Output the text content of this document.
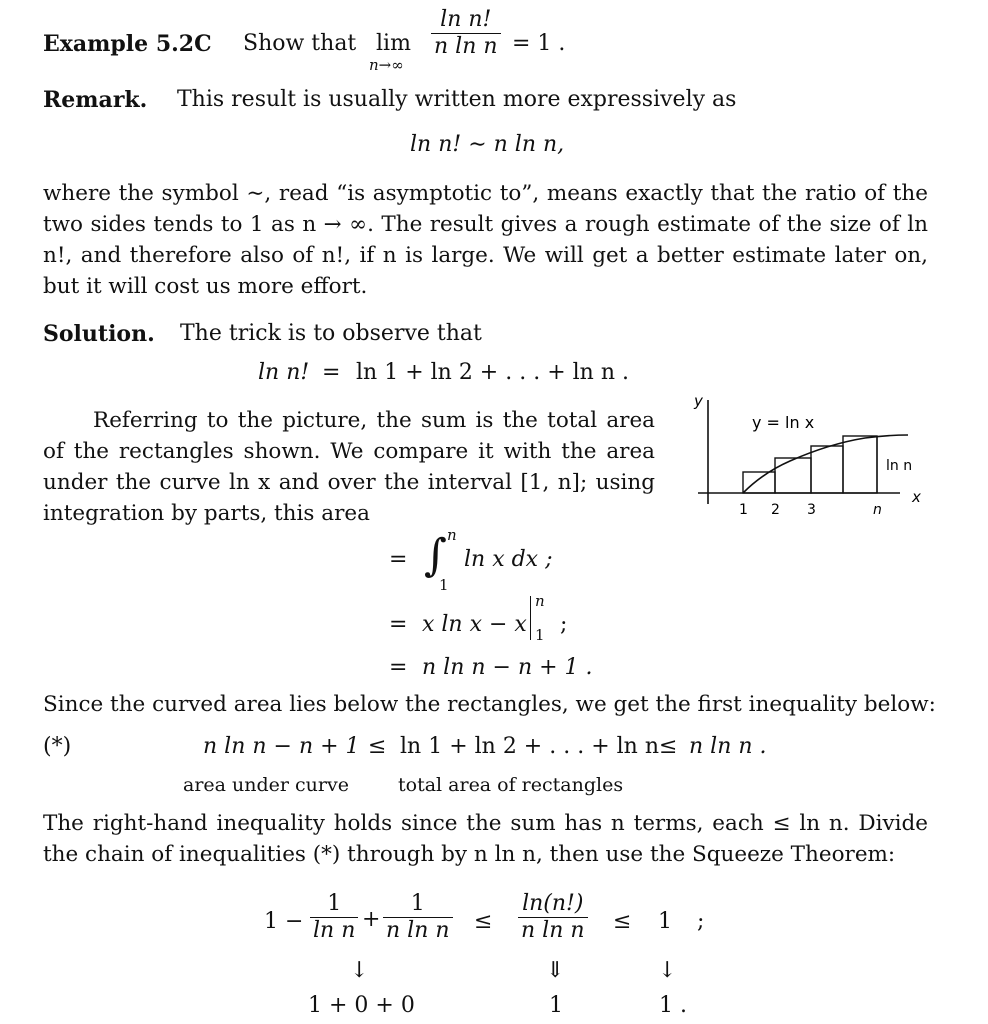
Example 5.2C Show that lim
n→∞
ln n!
n ln n = 1 .
Remark. This result is usually written more expressively as
ln n! ∼ n ln n,
where the symbol ∼, read “is asymptotic to”, means exactly that the ratio of the two sides tends to 1 as n → ∞. The result gives a rough estimate of the size of ln n!, and therefore also of n!, if n is large. We will get a better estimate later on, but it will cost us more effort.
Solution. The trick is to observe that
ln n! = ln 1 + ln 2 + . . . + ln n .
Referring to the picture, the sum is the total area of the rectangles shown. We compare it with the area under the curve ln x and over the interval [1, n]; using integration by parts, this area
y
x
y = ln x
ln n
1 2 3	n
= ∫ n
1
ln x dx ;
= x ln x − x
n
1 ;
= n ln n − n + 1 .
Since the curved area lies below the rectangles, we get the first inequality below:
(*)	n ln n − n + 1 ≤ ln 1 + ln 2 + . . . + ln n ≤ n ln n .
area under curve	total area of rectangles
The right-hand inequality holds since the sum has n terms, each ≤ ln n. Divide the chain of inequalities (*) through by n ln n, then use the Squeeze Theorem:
1 −
1
ln n +
1
n ln n ≤
ln(n!)
n ln n ≤ 1 ;
↓	⇓	↓
1 + 0 + 0	1	1 .
